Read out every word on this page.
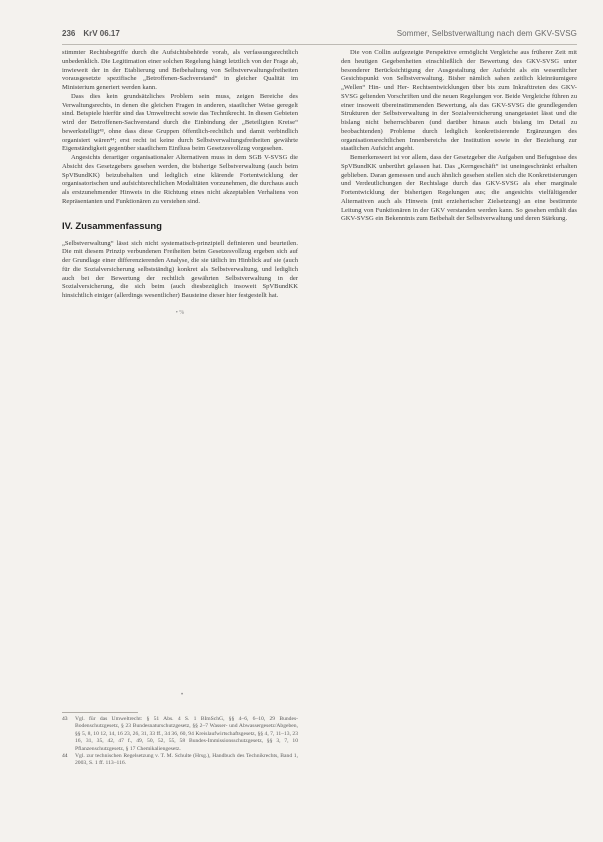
236 KrV 06.17	Sommer, Selbstverwaltung nach dem GKV-SVSG

stimmter Rechtsbegriffe durch die Aufsichtsbehörde vorab, als verfassungsrechtlich unbedenklich. Die Legitimation einer solchen Regelung hängt letztlich von der Frage ab, inwieweit der in der Etablierung und Beibehaltung von Selbstverwaltungsfreiheiten vorausgesetzte spezifische „Betroffenen-Sachverstand“ in gleicher Qualität im Ministerium generiert werden kann.

Dass dies kein grundsätzliches Problem sein muss, zeigen Bereiche des Verwaltungsrechts, in denen die gleichen Fragen in anderen, staatlicher Weise geregelt sind. Beispiele hierfür sind das Umweltrecht sowie das Technikrecht. In diesen Gebieten wird der Betroffenen-Sachverstand durch die Einbindung der „Beteiligten Kreise“ bewerkstelligt⁴³, ohne dass diese Gruppen öffentlich-rechtlich und damit verbindlich organisiert wären⁴⁴; erst recht ist keine durch Selbstverwaltungsfreiheiten gewährte Eigenständigkeit gegenüber staatlichem Einfluss beim Gesetzesvollzug vorgesehen.

Angesichts derartiger organisationaler Alternativen muss in dem SGB V-SVSG die Absicht des Gesetzgebers gesehen werden, die bisherige Selbstverwaltung (auch beim SpVBundKK) beizubehalten und lediglich eine klärende Fortentwicklung der organisatorischen und aufsichtsrechtlichen Modalitäten vorzunehmen, die durchaus auch als erstzunehmender Hinweis in die Richtung eines nicht akzeptablen Verhaltens von Repräsentanten und Funktionären zu verstehen sind.

IV. Zusammenfassung

„Selbstverwaltung“ lässt sich nicht systematisch-prinzipiell definieren und beurteilen. Die mit diesem Prinzip verbundenen Freiheiten beim Gesetzesvollzug ergeben sich auf der Grundlage einer differenzierenden Analyse, die sie tätlich im Hinblick auf sie (auch für die Sozialversicherung selbstständig) konkret als Selbstverwaltung, und lediglich auch bei der Bewertung der rechtlich gewährten Selbstverwaltung in der Sozialversicherung, die sich beim (auch diesbezüglich insoweit SpVBundKK hinsichtlich einiger (allerdings wesentlicher) Bausteine dieser hier festgestellt hat.

• %

Die von Collin aufgezeigte Perspektive ermöglicht Vergleiche aus früherer Zeit mit den heutigen Gegebenheiten einschließlich der Bewertung des GKV-SVSG unter besonderer Berücksichtigung der Ausgestaltung der Aufsicht als ein wesentlicher Gesichtspunkt von Selbstverwaltung. Bisher nämlich sahen zeitlich kleinräumigere „Wellen“ Hin- und Her- Rechtsentwicklungen über bis zum Inkrafttreten des GKV-SVSG geltenden Vorschriften und die neuen Regelungen vor. Beide Vergleiche führen zu einer insoweit übereinstimmenden Bewertung, als das GKV-SVSG die grundlegenden Strukturen der Selbstverwaltung in der Sozialversicherung unangetastet lässt und die bislang nicht beherrschbaren (und darüber hinaus auch bislang im Detail zu beobachtenden) Probleme durch lediglich konkretisierende Ergänzungen des organisationsrechtlichen Innenbereichs der Institution sowie in der Beziehung zur staatlichen Aufsicht angeht.

Bemerkenswert ist vor allem, dass der Gesetzgeber die Aufgaben und Befugnisse des SpVBundKK unberührt gelassen hat. Das „Kerngeschäft“ ist uneingeschränkt erhalten geblieben. Daran gemessen und auch ähnlich gesehen stellen sich die Konkretisierungen und Verdeutlichungen der Rechtslage durch das GKV-SVSG als eher marginale Fortentwicklung der bisherigen Regelungen aus; die angesichts vielfältigender Alternativen auch als Hinweis (mit erzieherischer Zielsetzung) an eine bestimmte Leitung von Funktionären in der GKV verstanden werden kann. So gesehen enthält das GKV-SVSG ein Bekenntnis zum Beibehalt der Selbstverwaltung und deren Stärkung.

•
43	Vgl. für das Umweltrecht: § 51 Abs. 4 S. 1 BImSchG, §§ 4–6, 6–10, 29 Bundes-Bodenschutzgesetz, § 23 Bundesnaturschutzgesetz, §§ 2–7 Wasser- und Abwassergesetz/Abgeben, §§ 5, 8, 10 12, 14, 16 23, 26, 31, 33 ff., 34 36, 60, 94 Kreislaufwirtschaftsgesetz, §§ 4, 7, 11–13, 23 16, 31, 35, 42, 47 f., 49, 50, 52, 55, 58 Bundes-Immissionsschutzgesetz, §§ 3, 7, 10 Pflanzenschutzgesetz, § 17 Chemikaliengesetz.
44	Vgl. zur technischen Regelsetzung v. T. M. Schulte (Hrsg.), Handbuch des Technikrechts, Band 1, 2003, S. 1 ff. 113–116.
